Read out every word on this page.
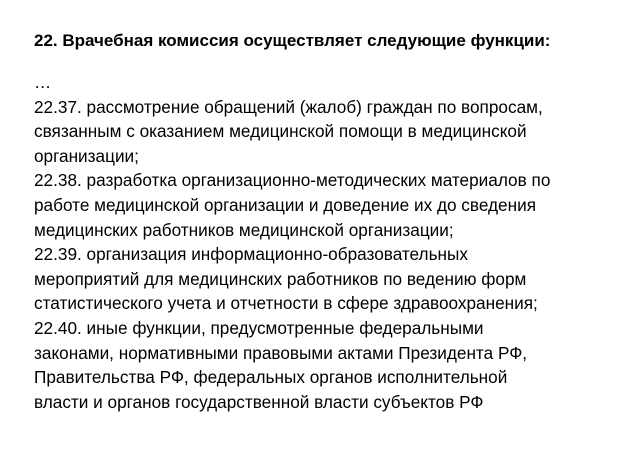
22. Врачебная комиссия осуществляет следующие функции:
…
22.37. рассмотрение обращений (жалоб) граждан по вопросам,
связанным с оказанием медицинской помощи в медицинской
организации;
22.38. разработка организационно-методических материалов по
работе медицинской организации и доведение их до сведения
медицинских работников медицинской организации;
22.39. организация информационно-образовательных
мероприятий для медицинских работников по ведению форм
статистического учета и отчетности в сфере здравоохранения;
22.40. иные функции, предусмотренные федеральными
законами, нормативными правовыми актами Президента РФ,
Правительства РФ, федеральных органов исполнительной
власти и органов государственной власти субъектов РФ
